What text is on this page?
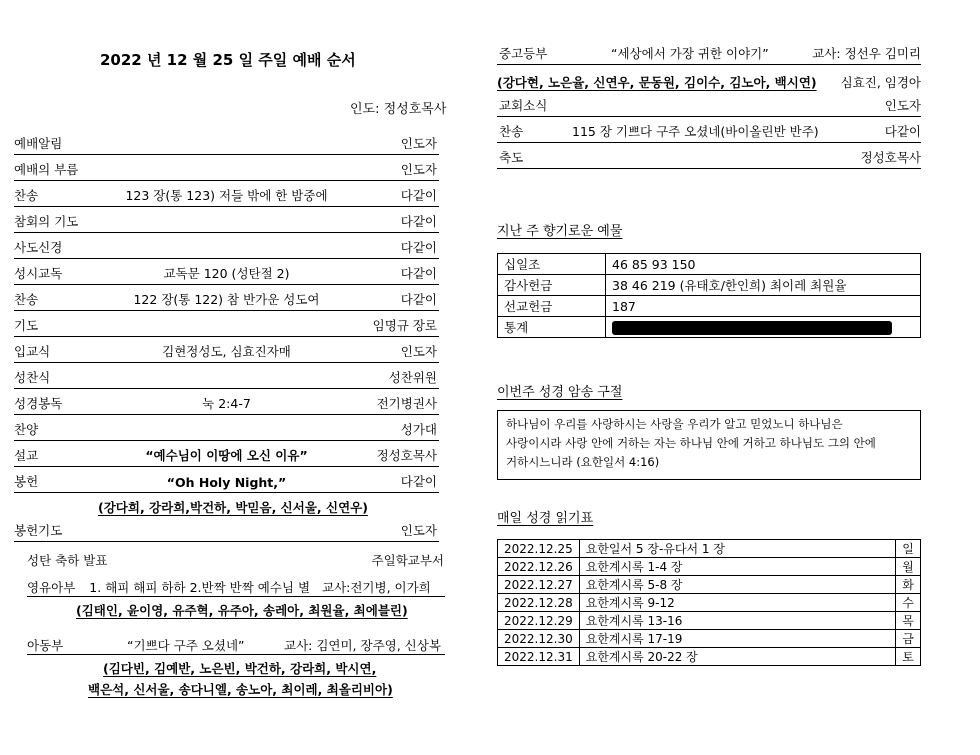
2022 년 12 월 25 일 주일 예배 순서
인도: 정성호목사
예배알림	인도자
예배의 부름	인도자
찬송	123 장(통 123) 저들 밖에 한 밤중에	다같이
참회의 기도	다같이
사도신경	다같이
성시교독	교독문 120 (성탄절 2)	다같이
찬송	122 장(통 122) 참 반가운 성도여	다같이
기도	임명규 장로
입교식	김현정성도, 심효진자매	인도자
성찬식	성찬위원
성경봉독	눅 2:4-7	전기병권사
찬양	성가대
설교	“예수님이 이땅에 오신 이유”	정성호목사
봉헌	“Oh Holy Night,”	다같이
(강다희, 강라희,박건하, 박믿음, 신서울, 신연우)
봉헌기도	인도자
성탄 축하 발표	주일학교부서
영유아부 1. 해피 해피 하하 2.반짝 반짝 예수님 별 교사:전기병, 이가희
(김태인, 윤이영, 유주혁, 유주아, 송레아, 최원율, 최에블린)
아동부	“기쁘다 구주 오셨네”	교사: 김연미, 장주영, 신상복
(김다빈, 김예반, 노은빈, 박건하, 강라희, 박시연,
백은석, 신서울, 송다니엘, 송노아, 최이레, 최올리비아)
중고등부	“세상에서 가장 귀한 이야기”	교사: 정선우 김미리
(강다현, 노은율, 신연우, 문동원, 김이수, 김노아, 백시연) 심효진, 임경아
교회소식	인도자
찬송	115 장 기쁘다 구주 오셨네(바이올린반 반주)	다같이
축도	정성호목사
지난 주 향기로운 예물
십일조	46 85 93 150
감사헌금	38 46 219 (유태호/한인희) 최이레 최원율
선교헌금	187
통계	
이번주 성경 암송 구절
하나님이 우리를 사랑하시는 사랑을 우리가 알고 믿었노니 하나님은
사랑이시라 사랑 안에 거하는 자는 하나님 안에 거하고 하나님도 그의 안에
거하시느니라 (요한일서 4:16)
매일 성경 읽기표
2022.12.25	요한일서 5 장-유다서 1 장	일
2022.12.26	요한계시록 1-4 장	월
2022.12.27	요한계시록 5-8 장	화
2022.12.28	요한계시록 9-12	수
2022.12.29	요한계시록 13-16	목
2022.12.30	요한계시록 17-19	금
2022.12.31	요한계시록 20-22 장	토
